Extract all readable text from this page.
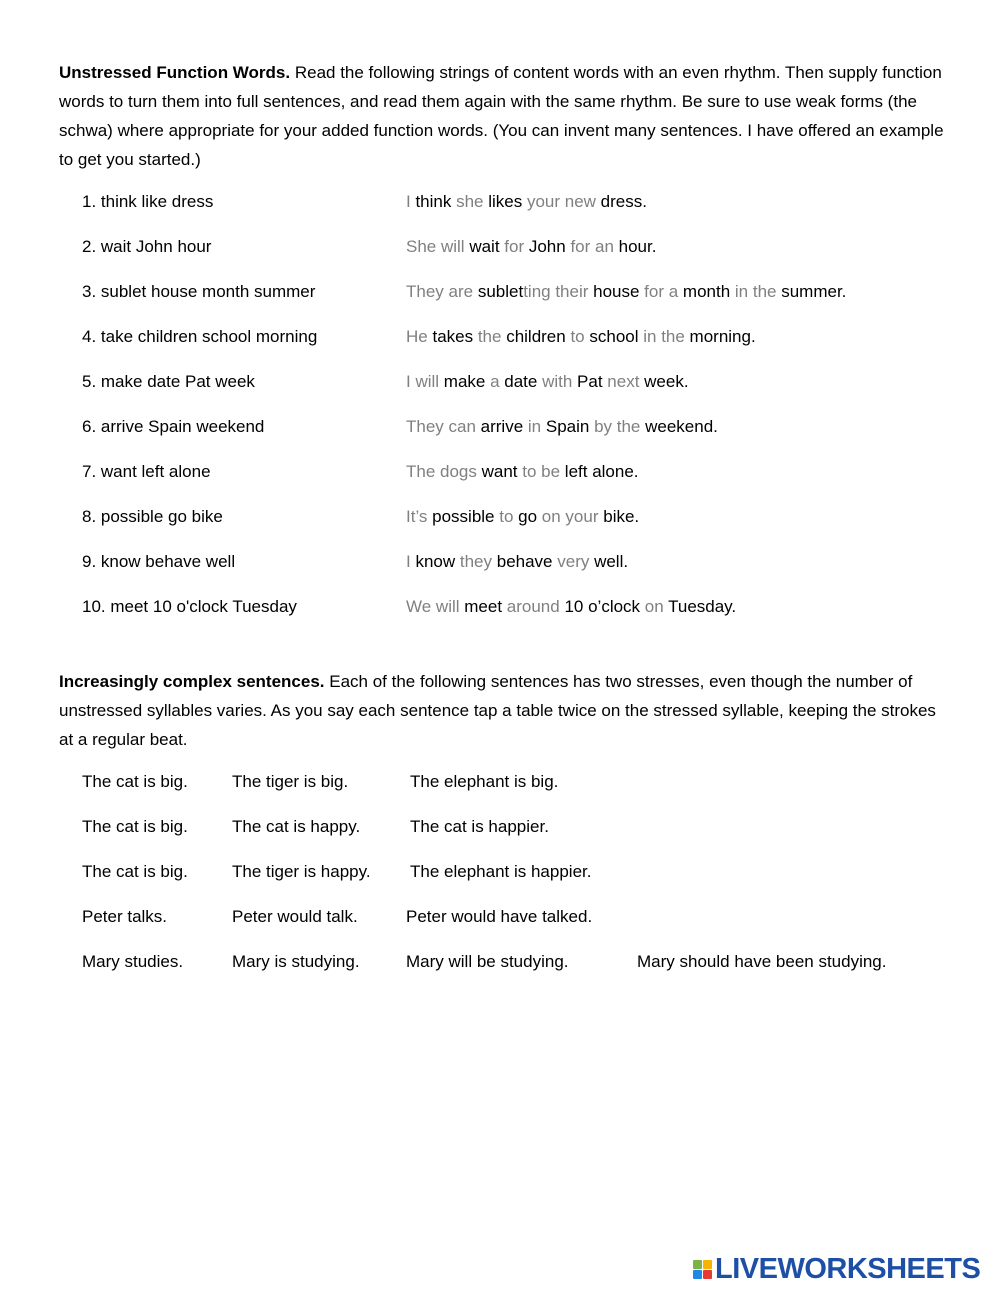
Unstressed Function Words. Read the following strings of content words with an even rhythm. Then supply function words to turn them into full sentences, and read them again with the same rhythm. Be sure to use weak forms (the schwa) where appropriate for your added function words. (You can invent many sentences. I have offered an example to get you started.)

1. think like dress	I think she likes your new dress.
2. wait John hour	She will wait for John for an hour.
3. sublet house month summer	They are subletting their house for a month in the summer.
4. take children school morning	He takes the children to school in the morning.
5. make date Pat week	I will make a date with Pat next week.
6. arrive Spain weekend	They can arrive in Spain by the weekend.
7. want left alone	The dogs want to be left alone.
8. possible go bike	It’s possible to go on your bike.
9. know behave well	I know they behave very well.
10. meet 10 o'clock Tuesday	We will meet around 10 o’clock on Tuesday.

Increasingly complex sentences. Each of the following sentences has two stresses, even though the number of unstressed syllables varies. As you say each sentence tap a table twice on the stressed syllable, keeping the strokes at a regular beat.

The cat is big.	The tiger is big.	The elephant is big.
The cat is big.	The cat is happy.	The cat is happier.
The cat is big.	The tiger is happy. The elephant is happier.
Peter talks.	Peter would talk.	Peter would have talked.
Mary studies.	Mary is studying.	Mary will be studying.	Mary should have been studying.
LIVEWORKSHEETS
